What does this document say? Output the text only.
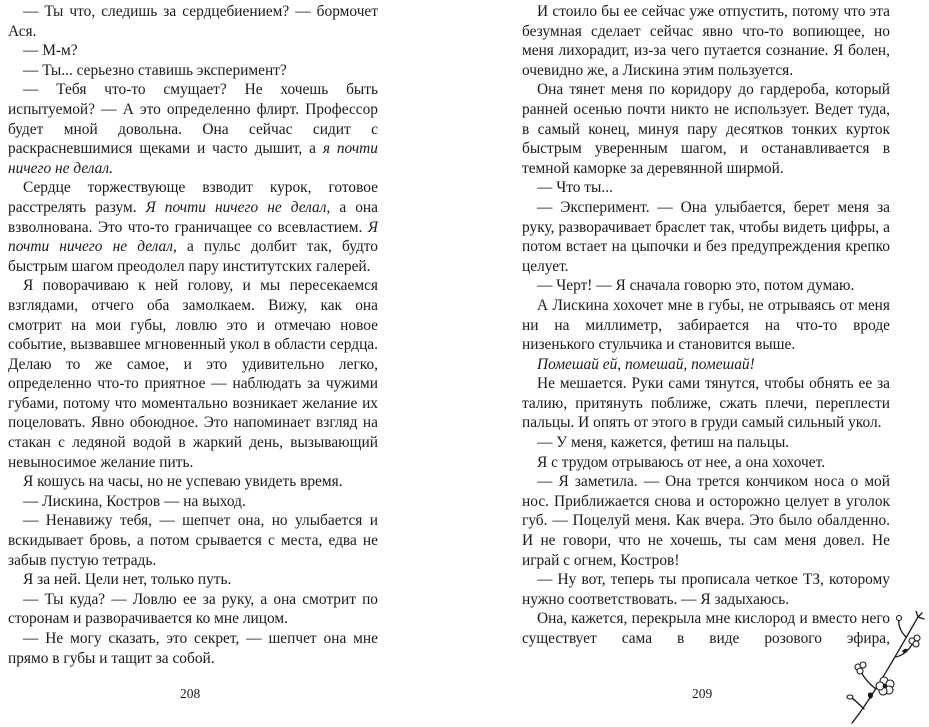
— Ты что, следишь за сердцебиением? — бормочет Ася.

— М-м?

— Ты... серьезно ставишь эксперимент?

— Тебя что-то смущает? Не хочешь быть испытуемой? — А это определенно флирт. Профессор будет мной довольна. Она сейчас сидит с раскрасневшимися щеками и часто дышит, а я почти ничего не делал.

Сердце торжествующе взводит курок, готовое расстрелять разум. Я почти ничего не делал, а она взволнована. Это что-то граничащее со всевластием. Я почти ничего не делал, а пульс долбит так, будто быстрым шагом преодолел пару институтских галерей.

Я поворачиваю к ней голову, и мы пересекаемся взглядами, отчего оба замолкаем. Вижу, как она смотрит на мои губы, ловлю это и отмечаю новое событие, вызвавшее мгновенный укол в области сердца. Делаю то же самое, и это удивительно легко, определенно что-то приятное — наблюдать за чужими губами, потому что моментально возникает желание их поцеловать. Явно обоюдное. Это напоминает взгляд на стакан с ледяной водой в жаркий день, вызывающий невыносимое желание пить.

Я кошусь на часы, но не успеваю увидеть время.

— Лискина, Костров — на выход.

— Ненавижу тебя, — шепчет она, но улыбается и вскидывает бровь, а потом срывается с места, едва не забыв пустую тетрадь.

Я за ней. Цели нет, только путь.

— Ты куда? — Ловлю ее за руку, а она смотрит по сторонам и разворачивается ко мне лицом.

— Не могу сказать, это секрет, — шепчет она мне прямо в губы и тащит за собой.

208

И стоило бы ее сейчас уже отпустить, потому что эта безумная сделает сейчас явно что-то вопиющее, но меня лихорадит, из-за чего путается сознание. Я болен, очевидно же, а Лискина этим пользуется.

Она тянет меня по коридору до гардероба, который ранней осенью почти никто не использует. Ведет туда, в самый конец, минуя пару десятков тонких курток быстрым уверенным шагом, и останавливается в темной каморке за деревянной ширмой.

— Что ты...

— Эксперимент. — Она улыбается, берет меня за руку, разворачивает браслет так, чтобы видеть цифры, а потом встает на цыпочки и без предупреждения крепко целует.

— Черт! — Я сначала говорю это, потом думаю.

А Лискина хохочет мне в губы, не отрываясь от меня ни на миллиметр, забирается на что-то вроде низенького стульчика и становится выше.

Помешай ей, помешай, помешай!

Не мешается. Руки сами тянутся, чтобы обнять ее за талию, притянуть поближе, сжать плечи, переплести пальцы. И опять от этого в груди самый сильный укол.

— У меня, кажется, фетиш на пальцы.

Я с трудом отрываюсь от нее, а она хохочет.

— Я заметила. — Она трется кончиком носа о мой нос. Приближается снова и осторожно целует в уголок губ. — Поцелуй меня. Как вчера. Это было обалденно. И не говори, что не хочешь, ты сам меня довел. Не играй с огнем, Костров!

— Ну вот, теперь ты прописала четкое ТЗ, которому нужно соответствовать. — Я задыхаюсь.

Она, кажется, перекрыла мне кислород и вместо него существует сама в виде розового эфира,

209
